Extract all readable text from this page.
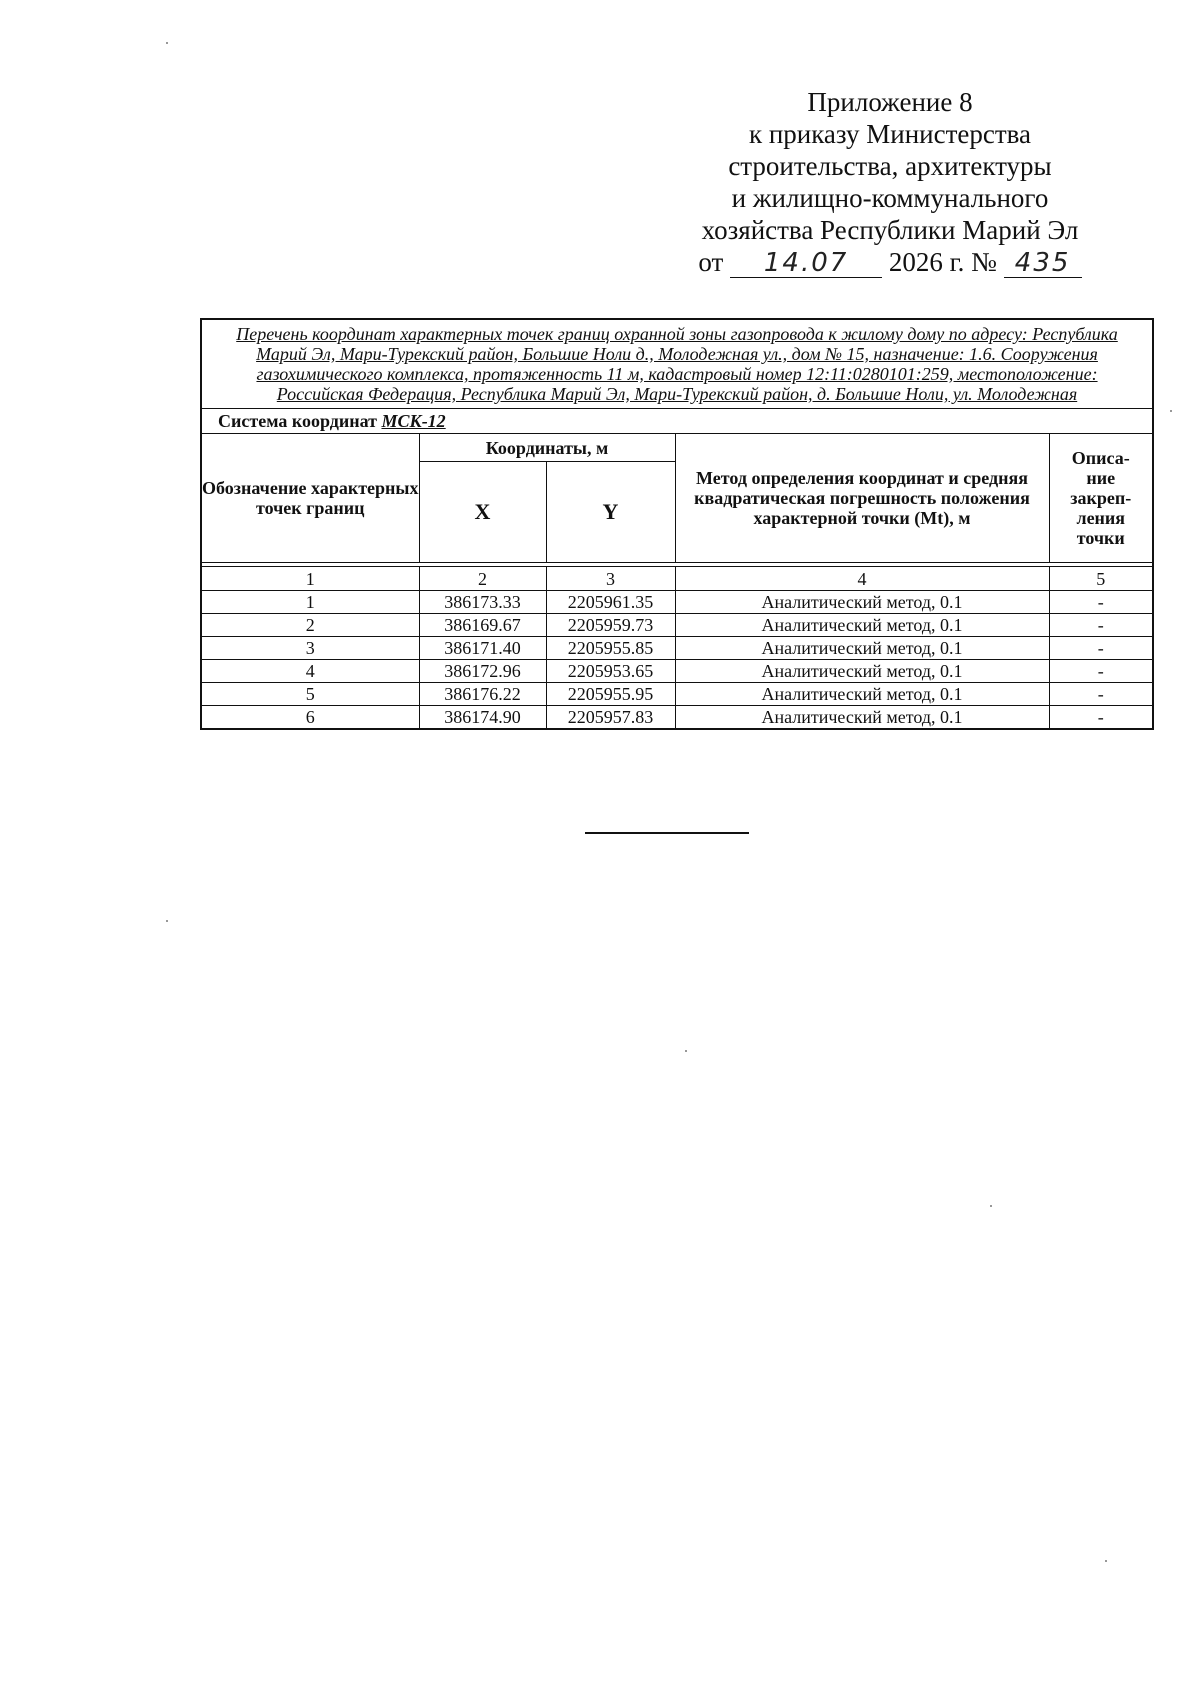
Приложение 8
к приказу Министерства
строительства, архитектуры
и жилищно-коммунального
хозяйства Республики Марий Эл
от 14.07 2026 г. № 435
Перечень координат характерных точек границ охранной зоны газопровода к жилому дому по адресу: Республика Марий Эл, Мари-Турекский район, Большие Ноли д., Молодежная ул., дом № 15, назначение: 1.6. Сооружения газохимического комплекса, протяженность 11 м, кадастровый номер 12:11:0280101:259, местоположение: Российская Федерация, Республика Марий Эл, Мари-Турекский район, д. Большие Ноли, ул. Молодежная				
Система координат МСК-12				
Обозначение характерных точек границ	Координаты, м		Метод определения координат и средняя квадратическая погрешность положения характерной точки (Mt), м	Описа-ние закреп-ления точки
	X	Y		

1	2	3	4	5
1	386173.33	2205961.35	Аналитический метод, 0.1	-
2	386169.67	2205959.73	Аналитический метод, 0.1	-
3	386171.40	2205955.85	Аналитический метод, 0.1	-
4	386172.96	2205953.65	Аналитический метод, 0.1	-
5	386176.22	2205955.95	Аналитический метод, 0.1	-
6	386174.90	2205957.83	Аналитический метод, 0.1	-
